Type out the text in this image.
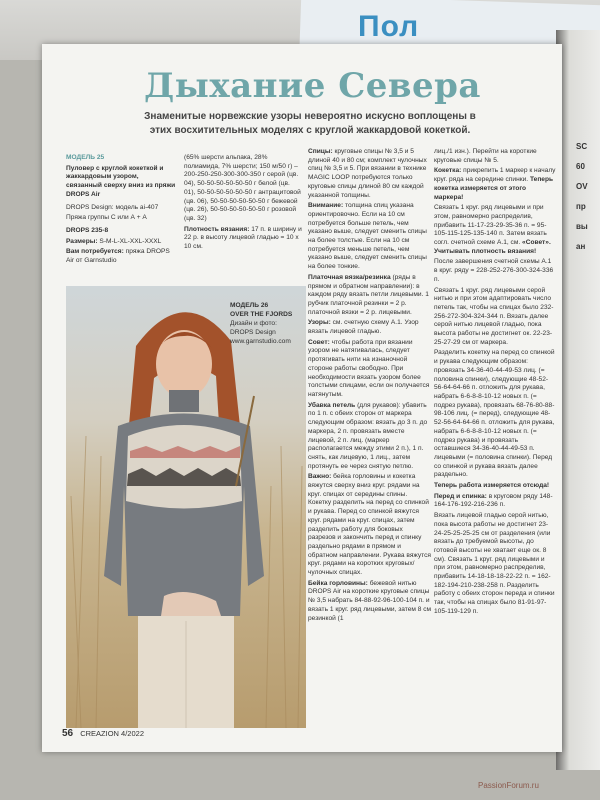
Пол
SC
60
OV
пр
вы
ан
Дыхание Севера
Знаменитые норвежские узоры невероятно искусно воплощены в этих восхитительных моделях с круглой жаккардовой кокеткой.

МОДЕЛЬ 25

Пуловер с круглой кокеткой и жаккардовым узором, связанный сверху вниз из пряжи DROPS Air

DROPS Design: модель ai-407

Пряжа группы С или А + А

DROPS 235-8

Размеры: S-M-L-XL-XXL-XXXL

Вам потребуется: пряжа DROPS Air от Garnstudio

(65% шерсти альпака, 28% полиамида, 7% шерсти; 150 м/50 г) – 200-250-250-300-300-350 г серой (цв. 04), 50-50-50-50-50-50 г белой (цв. 01), 50-50-50-50-50-50 г антрацитовой (цв. 06), 50-50-50-50-50-50 г бежевой (цв. 26), 50-50-50-50-50-50 г розовой (цв. 32)

Плотность вязания: 17 п. в ширину и 22 р. в высоту лицевой гладью = 10 х 10 см.

МОДЕЛЬ 26
OVER THE FJORDS
Дизайн и фото:
DROPS Design
www.garnstudio.com

Спицы: круговые спицы № 3,5 и 5 длиной 40 и 80 см; комплект чулочных спиц № 3,5 и 5. При вязании в технике MAGIC LOOP потребуются только круговые спицы длиной 80 см каждой указанной толщины.

Внимание: толщина спиц указана ориентировочно. Если на 10 см потребуется больше петель, чем указано выше, следует сменить спицы на более толстые. Если на 10 см потребуется меньше петель, чем указано выше, следует сменить спицы на более тонкие.

Платочная вязка/резинка (ряды в прямом и обратном направлении): в каждом ряду вязать петли лицевыми. 1 рубчик платочной резинки = 2 р. платочной вязки = 2 р. лицевыми.

Узоры: см. счетную схему А.1. Узор вязать лицевой гладью.

Совет: чтобы работа при вязании узором не натягивалась, следует протягивать нити на изнаночной стороне работы свободно. При необходимости вязать узором более толстыми спицами, если он получается натянутым.

Убавка петель (для рукавов): убавить по 1 п. с обеих сторон от маркера следующим образом: вязать до 3 п. до маркера, 2 п. провязать вместе лицевой, 2 п. лиц. (маркер располагается между этими 2 п.), 1 п. снять, как лицевую, 1 лиц., затем протянуть ее через снятую петлю.

Важно: бейка горловины и кокетка вяжутся сверху вниз круг. рядами на круг. спицах от середины спины. Кокетку разделить на перед со спинкой и рукава. Перед со спинкой вяжутся круг. рядами на круг. спицах, затем разделить работу для боковых разрезов и закончить перед и спинку раздельно рядами в прямом и обратном направлении. Рукава вяжутся круг. рядами на коротких круговых/чулочных спицах.

Бейка горловины: бежевой нитью DROPS Air на короткие круговые спицы № 3,5 набрать 84-88-92-96-100-104 п. и вязать 1 круг. ряд лицевыми, затем 8 см резинкой (1

лиц./1 изн.). Перейти на короткие круговые спицы № 5.

Кокетка: прикрепить 1 маркер к началу круг. ряда на середине спинки. Теперь кокетка измеряется от этого маркера!

Связать 1 круг. ряд лицевыми и при этом, равномерно распределив, прибавить 11-17-23-29-35-36 п. = 95-105-115-125-135-140 п. Затем вязать согл. счетной схеме А.1, см. «Совет». Учитывать плотность вязания!

После завершения счетной схемы А.1 в круг. ряду = 228-252-276-300-324-336 п.

Связать 1 круг. ряд лицевыми серой нитью и при этом адаптировать число петель так, чтобы на спицах было 232-256-272-304-324-344 п. Вязать далее серой нитью лицевой гладью, пока высота работы не достигнет ок. 22-23-25-27-29 см от маркера.

Разделить кокетку на перед со спинкой и рукава следующим образом: провязать 34-36-40-44-49-53 лиц. (= половина спинки), следующие 48-52-56-64-64-66 п. отложить для рукава, набрать 6-6-8-8-10-12 новых п. (= подрез рукава), провязать 68-76-80-88-98-106 лиц. (= перед), следующие 48-52-56-64-64-66 п. отложить для рукава, набрать 6-6-8-8-10-12 новых п. (= подрез рукава) и провязать оставшиеся 34-36-40-44-49-53 п. лицевыми (= половина спинки). Перед со спинкой и рукава вязать далее раздельно.

Теперь работа измеряется отсюда!

Перед и спинка: в круговом ряду 148-164-176-192-216-236 п.

Вязать лицевой гладью серой нитью, пока высота работы не достигнет 23-24-25-25-25-25 см от разделения (или вязать до требуемой высоты, до готовой высоты не хватает еще ок. 8 см). Связать 1 круг. ряд лицевыми и при этом, равномерно распределив, прибавить 14-18-18-18-22-22 п. = 162-182-194-210-238-258 п. Разделить работу с обеих сторон переда и спинки так, чтобы на спицах было 81-91-97-105-119-129 п.

56 CREAZION 4/2022
PassionForum.ru
